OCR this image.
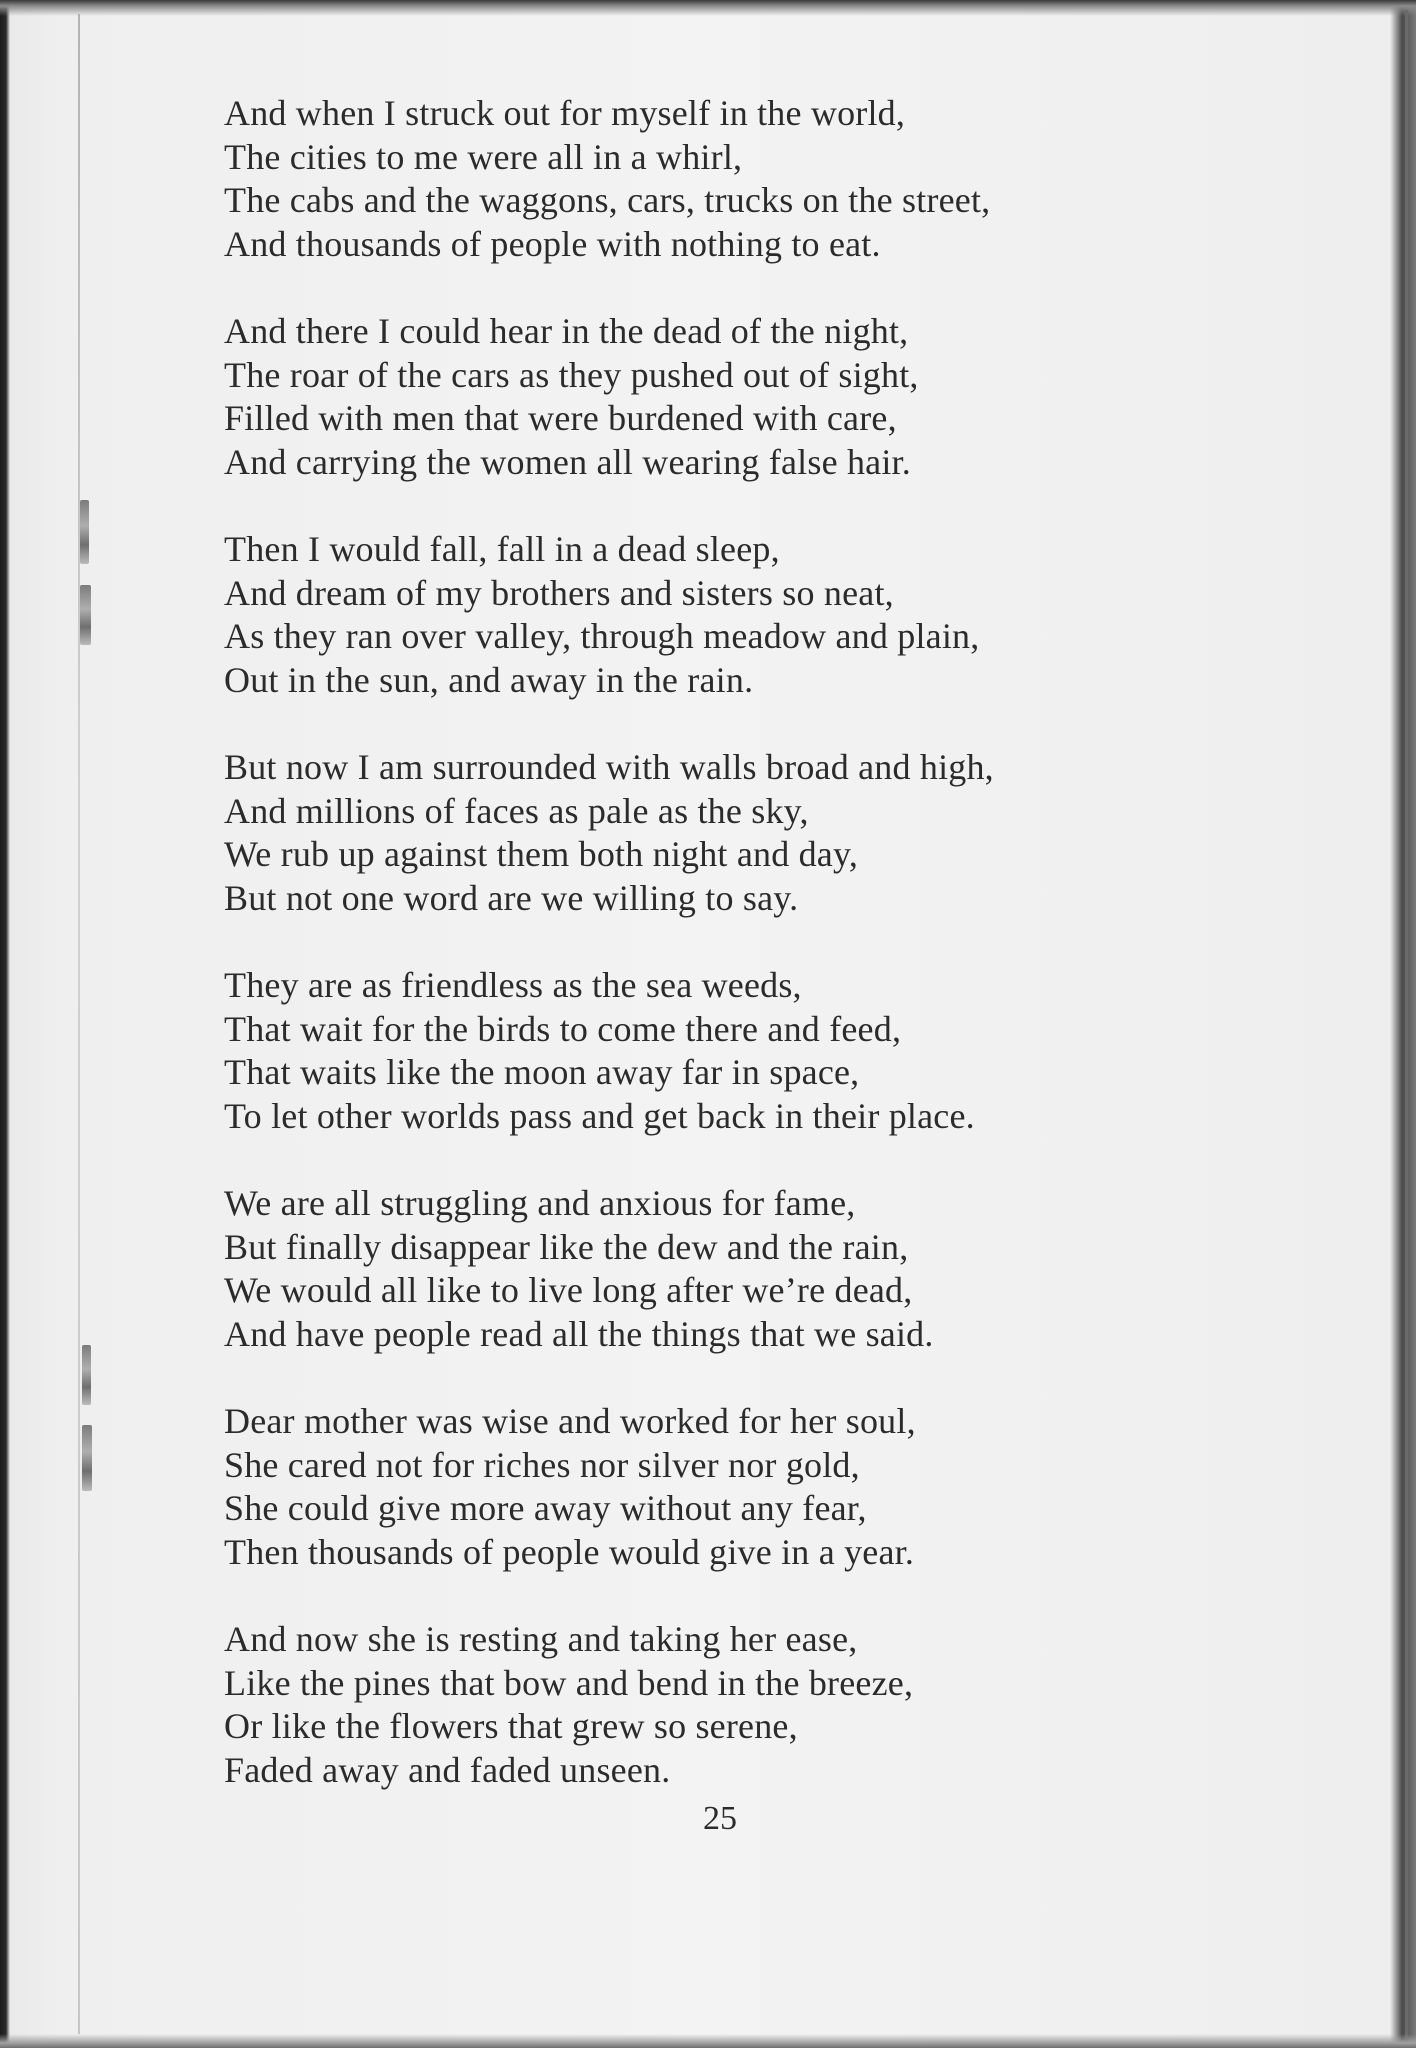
And when I struck out for myself in the world,
The cities to me were all in a whirl,
The cabs and the waggons, cars, trucks on the street,
And thousands of people with nothing to eat.
And there I could hear in the dead of the night,
The roar of the cars as they pushed out of sight,
Filled with men that were burdened with care,
And carrying the women all wearing false hair.
Then I would fall, fall in a dead sleep,
And dream of my brothers and sisters so neat,
As they ran over valley, through meadow and plain,
Out in the sun, and away in the rain.
But now I am surrounded with walls broad and high,
And millions of faces as pale as the sky,
We rub up against them both night and day,
But not one word are we willing to say.
They are as friendless as the sea weeds,
That wait for the birds to come there and feed,
That waits like the moon away far in space,
To let other worlds pass and get back in their place.
We are all struggling and anxious for fame,
But finally disappear like the dew and the rain,
We would all like to live long after we’re dead,
And have people read all the things that we said.
Dear mother was wise and worked for her soul,
She cared not for riches nor silver nor gold,
She could give more away without any fear,
Then thousands of people would give in a year.
And now she is resting and taking her ease,
Like the pines that bow and bend in the breeze,
Or like the flowers that grew so serene,
Faded away and faded unseen.
25
